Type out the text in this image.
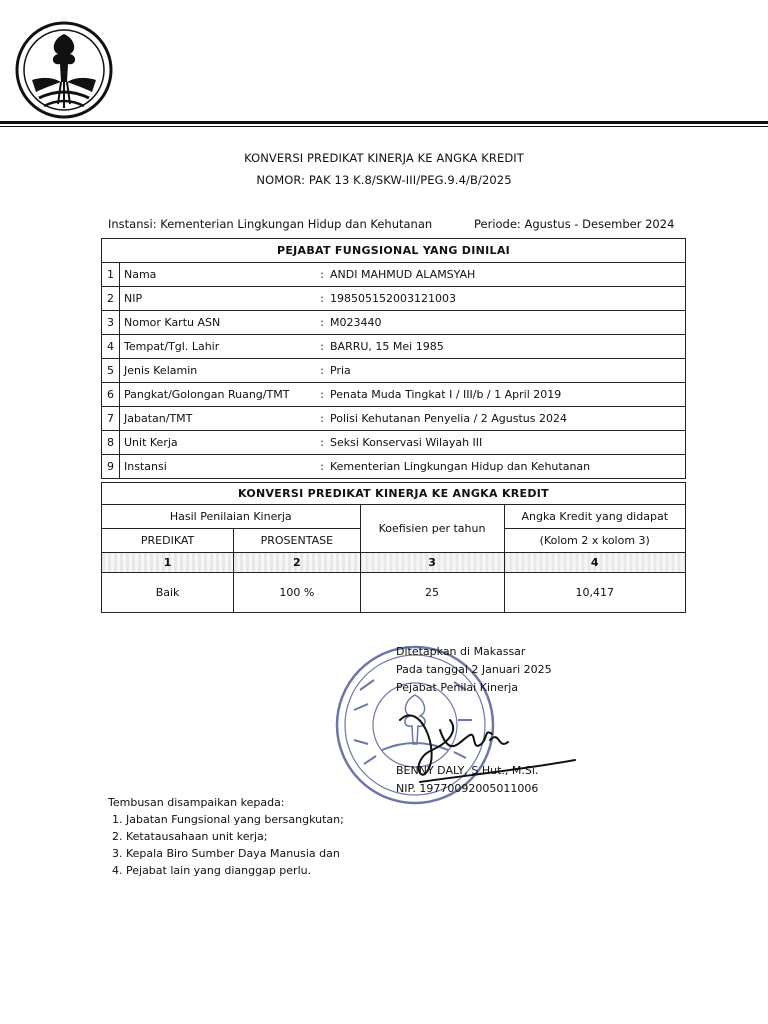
KONVERSI PREDIKAT KINERJA KE ANGKA KREDIT
NOMOR: PAK 13 K.8/SKW-III/PEG.9.4/B/2025
Instansi: Kementerian Lingkungan Hidup dan Kehutanan	Periode: Agustus - Desember 2024
PEJABAT FUNGSIONAL YANG DINILAI			
1	Nama	:	ANDI MAHMUD ALAMSYAH
2	NIP	:	198505152003121003
3	Nomor Kartu ASN	:	M023440
4	Tempat/Tgl. Lahir	:	BARRU, 15 Mei 1985
5	Jenis Kelamin	:	Pria
6	Pangkat/Golongan Ruang/TMT	:	Penata Muda Tingkat I / III/b / 1 April 2019
7	Jabatan/TMT	:	Polisi Kehutanan Penyelia / 2 Agustus 2024
8	Unit Kerja	:	Seksi Konservasi Wilayah III
9	Instansi	:	Kementerian Lingkungan Hidup dan Kehutanan
KONVERSI PREDIKAT KINERJA KE ANGKA KREDIT			
Hasil Penilaian Kinerja		Koefisien per tahun	Angka Kredit yang didapat
PREDIKAT	PROSENTASE		(Kolom 2 x kolom 3)
1	2	3	4
Baik	100 %	25	10,417
Ditetapkan di Makassar
Pada tanggal 2 Januari 2025
Pejabat Penilai Kinerja
BENNY DALY, S.Hut., M.Si.
NIP. 19770092005011006
Tembusan disampaikan kepada:
1. Jabatan Fungsional yang bersangkutan;
2. Ketatausahaan unit kerja;
3. Kepala Biro Sumber Daya Manusia dan
4. Pejabat lain yang dianggap perlu.
